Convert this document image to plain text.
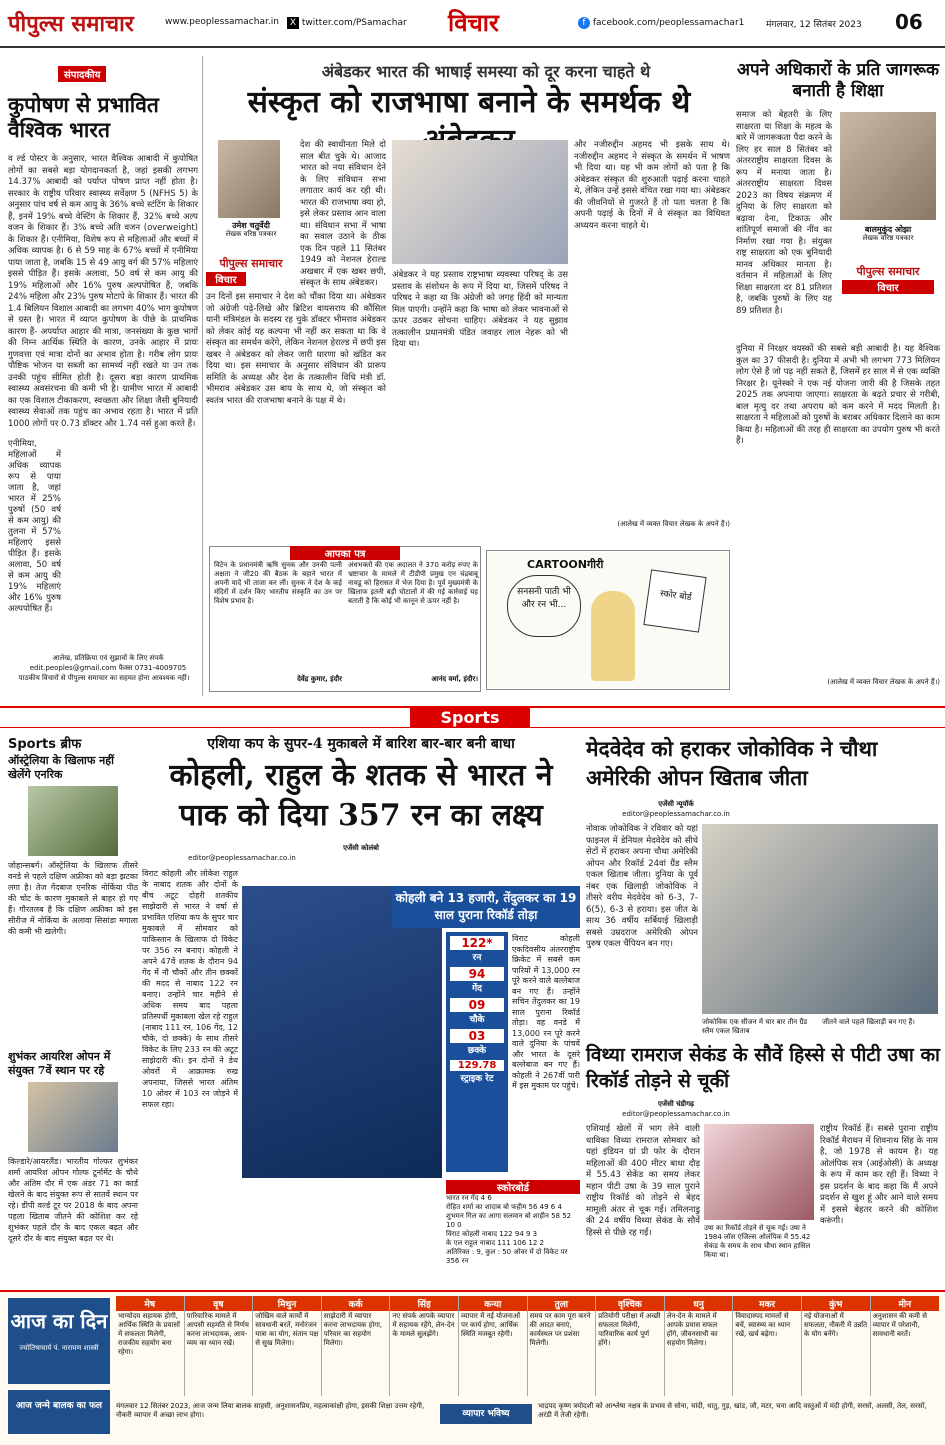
पीपुल्स समाचार	www.peoplessamachar.in	X twitter.com/PSamachar विचार	f facebook.com/peoplessamachar1 मंगलवार, 12 सितंबर 2023 06
संपादकीय
कुपोषण से प्रभावित वैश्विक भारत
व र्ल्ड पोस्टर के अनुसार, भारत वैश्विक आबादी में कुपोषित लोगों का सबसे बड़ा योगदानकर्ता है, जहां इसकी लगभग 14.37% आबादी को पर्याप्त पोषण प्राप्त नहीं होता है। सरकार के राष्ट्रीय परिवार स्वास्थ्य सर्वेक्षण 5 (NFHS 5) के अनुसार पांच वर्ष से कम आयु के 36% बच्चे स्टंटिंग के शिकार हैं, इनमें 19% बच्चे वेस्टिंग के शिकार हैं, 32% बच्चे अल्प वजन के शिकार हैं। 3% बच्चे अति वजन (overweight) के शिकार हैं। एनीमिया, विशेष रूप से महिलाओं और बच्चों में अधिक व्यापक है। 6 से 59 माह के 67% बच्चों में एनीमिया पाया जाता है, जबकि 15 से 49 आयु वर्ग की 57% महिलाएं इससे पीड़ित हैं। इसके अलावा, 50 वर्ष से कम आयु की 19% महिलाओं और 16% पुरुष अल्पपोषित हैं, जबकि 24% महिला और 23% पुरुष मोटापे के शिकार हैं। भारत की 1.4 बिलियन विशाल आबादी का लगभग 40% भाग कुपोषण से ग्रस्त है। भारत में व्याप्त कुपोषण के पीछे के प्राथमिक कारण हैं- अपर्याप्त आहार की मात्रा, जनसंख्या के कुछ भागों की निम्न आर्थिक स्थिति के कारण, उनके आहार में प्रायः गुणवत्ता एवं मात्रा दोनों का अभाव होता है। गरीब लोग प्रायः पौष्टिक भोजन या सब्जी का सामर्थ्य नहीं रखते या उन तक उनकी पहुंच सीमित होती है। दूसरा बड़ा कारण प्राथमिक स्वास्थ्य अवसंरचना की कमी भी है। ग्रामीण भारत में आबादी का एक विशाल टीकाकरण, स्वच्छता और शिक्षा जैसी बुनियादी स्वास्थ्य सेवाओं तक पहुंच का अभाव रहता है। भारत में प्रति 1000 लोगों पर 0.73 डॉक्टर और 1.74 नर्स हुआ करते हैं।
एनीमिया, महिलाओं में अधिक व्यापक रूप से पाया जाता है, जहां भारत में 25% पुरुषों (50 वर्ष से कम आयु) की तुलना में 57% महिलाएं इससे पीड़ित हैं। इसके अलावा, 50 वर्ष से कम आयु की 19% महिलाएं और 16% पुरुष अल्पपोषित हैं।
आलेख, प्रतिक्रिया एवं सुझावों के लिए संपर्क
edit.peoples@gmail.com फैक्स 0731-4009705
पाठकीय विचारों से पीपुल्स समाचार का सहमत होना आवश्यक नहीं।
अंबेडकर भारत की भाषाई समस्या को दूर करना चाहते थे
संस्कृत को राजभाषा बनाने के समर्थक थे
उमेश चतुर्वेदी
लेखक वरिष्ठ पत्रकार
पीपुल्स समाचार
विचार
देश की स्वाधीनता मिले दो साल बीत चुके थे। आजाद भारत को नया संविधान देने के लिए संविधान सभा लगातार कार्य कर रही थी। भारत की राजभाषा क्या हो, इसे लेकर प्रस्ताव आन वाला था। संविधान सभा में भाषा का सवाल उठाने के ठीक एक दिन पहले 11 सितंबर 1949 को नेशनल हेराल्ड अखबार में एक खबर छपी, संस्कृत के साथ अंबेडकर।
उन दिनों इस समाचार ने देश को चौंका दिया था। अंबेडकर जो अंग्रेजी पढ़े-लिखे और ब्रिटिश वायसराय की कौंसिल यानी मंत्रिमंडल के सदस्य रह चुके डॉक्टर भीमराव अंबेडकर को लेकर कोई यह कल्पना भी नहीं कर सकता था कि वे संस्कृत का समर्थन करेंगे, लेकिन नेशनल हेराल्ड में छपी इस खबर ने अंबेडकर को लेकर जारी धारणा को खंडित कर दिया था। इस समाचार के अनुसार संविधान की प्रारूप समिति के अध्यक्ष और देश के तत्कालीन विधि मंत्री डॉ. भीमराव अंबेडकर उस बाय के साथ थे, जो संस्कृत को स्वतंत्र भारत की राजभाषा बनाने के पक्ष में थे।
अंबेडकर ने यह प्रस्ताव राष्ट्रभाषा व्यवस्था परिषद् के उस प्रस्ताव के संशोधन के रूप में दिया था, जिसमें परिषद ने परिषद ने कहा था कि अंग्रेजी को जगह हिंदी को मान्यता मिल पाएगी। उन्होंने कहा कि भाषा को लेकर भावनाओं से ऊपर उठकर सोचना चाहिए। अंबेडकर ने यह सुझाव तत्कालीन प्रधानमंत्री पंडित जवाहर लाल नेहरू को भी दिया था।
और नजीरुद्दीन अहमद भी इसके साथ थे। नजीरुद्दीन अहमद ने संस्कृत के समर्थन में भाषण भी दिया था। यह भी कम लोगों को पता है कि अंबेडकर संस्कृत की शुरुआती पढ़ाई करना चाहते थे, लेकिन उन्हें इससे वंचित रखा गया था। अंबेडकर की जीवनियों से गुजरते हैं तो पता चलता है कि अपनी पढ़ाई के दिनों में वे संस्कृत का विधिवत अध्ययन करना चाहते थे।
(आलेख में व्यक्त विचार लेखक के अपने हैं।)
आपका पत्र
विटेन के प्रधानमंत्री ऋषि सुनक और उनकी पत्नी अक्षता ने जी20 की बैठक के बहाने भारत में अपनी यादें भी ताजा कर लीं। सुनक ने देश के कई मंदिरों में दर्शन किए भारतीय संस्कृति का उन पर विशेष प्रभाव है।
देवेंद्र कुमार, इंदौर
अंधभक्तों की एक अदालत ने 370 करोड़ रुपए के भ्रष्टाचार के मामले में टीडीपी प्रमुख एन चंद्रबाबू नायडू को हिरासत में भेज दिया है। पूर्व मुख्यमंत्री के खिलाफ इतनी बड़ी घोटालों में की गई कार्रवाई यह बताती है कि कोई भी कानून से ऊपर नहीं है।
आनंद वर्मा, इंदौर।
CARTOONगीरी
सनसनी पाती भी और रन भी...
स्कोर बोर्ड
अपने अधिकारों के प्रति जागरूक बनाती है शिक्षा
समाज को बेहतरी के लिए साक्षरता या शिक्षा के महत्व के बारे में जागरूकता पैदा करने के लिए हर साल 8 सितंबर को अंतरराष्ट्रीय साक्षरता दिवस के रूप में मनाया जाता है। अंतरराष्ट्रीय साक्षरता दिवस 2023 का विषय संक्रमण में दुनिया के लिए साक्षरता को बढ़ावा देना, टिकाऊ और शांतिपूर्ण समाजों की नींव का निर्माण रखा गया है। संयुक्त राष्ट्र साक्षरता को एक बुनियादी मानव अधिकार मानता है। वर्तमान में महिलाओं के लिए शिक्षा साक्षरता दर 81 प्रतिशत है, जबकि पुरुषों के लिए यह 89 प्रतिशत है।
बालमुकुंद ओझा
लेखक वरिष्ठ पत्रकार
पीपुल्स समाचार
विचार
दुनिया में निरक्षर वयस्कों की सबसे बड़ी आबादी है। यह वैश्विक कुल का 37 फीसदी है। दुनिया में अभी भी लगभग 773 मिलियन लोग ऐसे हैं जो पढ़ नहीं सकते हैं, जिसमें हर साल में से एक व्यक्ति निरक्षर है। यूनेस्को ने एक नई योजना जारी की है जिसके तहत 2025 तक अपनाया जाएगा। साक्षरता के बढ़ते प्रचार से गरीबी, बाल मृत्यु दर तथा अपराध को कम करने में मदद मिलती है। साक्षरता ने महिलाओं को पुरुषों के बराबर अधिकार दिलाने का काम किया है। महिलाओं की तरह ही साक्षरता का उपयोग पुरुष भी करते हैं।
(आलेख में व्यक्त विचार लेखक के अपने हैं।)
Sports
Sports ब्रीफ
ऑस्ट्रेलिया के खिलाफ नहीं खेलेंगे एनरिक
जोहान्सबर्ग। ऑस्ट्रेलिया के खिलाफ तीसरे वनडे से पहले दक्षिण अफ्रीका को बड़ा झटका लगा है। तेज गेंदबाज एनरिक नोर्किया पीठ की चोट के कारण मुकाबले से बाहर हो गए हैं। गौरतलब है कि दक्षिण अफ्रीका को इस सीरीज में नोर्किया के अलावा सिसांडा मगाला की कमी भी खलेगी।
शुभंकर आयरिश ओपन में संयुक्त 7वें स्थान पर रहे
किल्डारे/आयरलैंड। भारतीय गोल्फर शुभंकर शर्मा आयरिश ओपन गोल्फ टूर्नामेंट के चौथे और अंतिम दौर में एक अंडर 71 का कार्ड खेलने के बाद संयुक्त रूप से सातवें स्थान पर रहे। डीपी वर्ल्ड टूर पर 2018 के बाद अपना पहला खिताब जीतने की कोशिश कर रहे शुभंकर पहले दौर के बाद एकल बढ़त और दूसरे दौर के बाद संयुक्त बढ़त पर थे।
एशिया कप के सुपर-4 मुकाबले में बारिश बार-बार बनी बाधा
कोहली, राहुल के शतक से भारत ने पाक को दिया 357 रन का लक्ष्य
एजेंसी कोलंबो
editor@peoplessamachar.co.in
कोहली बने 13 हजारी, तेंदुलकर का 19 साल पुराना रिकॉर्ड तोड़ा
122*
रन
94
गेंद
09
चौके
03
छक्के
129.78
स्ट्राइक रेट
विराट कोहली और लोकेश राहुल के नाबाद शतक और दोनों के बीच अटूट दोहरी शतकीय साझेदारी से भारत ने वर्षा से प्रभावित एशिया कप के सुपर चार मुकाबले में सोमवार को पाकिस्तान के खिलाफ दो विकेट पर 356 रन बनाए। कोहली ने अपने 47वें शतक के दौरान 94 गेंद में नौ चौकों और तीन छक्कों की मदद से नाबाद 122 रन बनाए। उन्होंने चार महीने से अधिक समय बाद पहला प्रतिस्पर्धी मुकाबला खेल रहे राहुल (नाबाद 111 रन, 106 गेंद, 12 चौके, दो छक्के) के साथ तीसरे विकेट के लिए 233 रन की अटूट साझेदारी की। इन दोनों ने डेथ ओवरों में आक्रामक रुख अपनाया, जिससे भारत अंतिम 10 ओवर में 103 रन जोड़ने में सफल रहा।
विराट कोहली एकदिवसीय अंतरराष्ट्रीय क्रिकेट में सबसे कम पारियों में 13,000 रन पूरे करने वाले बल्लेबाज बन गए हैं। उन्होंने सचिन तेंदुलकर का 19 साल पुराना रिकॉर्ड तोड़ा। वह वनडे में 13,000 रन पूरे करने वाले दुनिया के पांचवें और भारत के दूसरे बल्लेबाज बन गए हैं। कोहली ने 267वीं पारी में इस मुकाम पर पहुंचे।
स्कोरबोर्ड
भारत रन गेंद 4 6
रोहित शर्मा का शादाब बो फहीम 56 49 6 4
शुभमन गिल का आगा सलमान बो शाहीन 58 52 10 0
विराट कोहली नाबाद 122 94 9 3
के एल राहुल नाबाद 111 106 12 2
अतिरिक्त : 9, कुल : 50 ओवर में दो विकेट पर 356 रन
मेदवेदेव को हराकर जोकोविक ने चौथा अमेरिकी ओपन खिताब जीता
एजेंसी न्यूयॉर्क
editor@peoplessamachar.co.in
नोवाक जोकोविक ने रविवार को यहां फाइनल में डेनियल मेदवेदेव को सीधे सेटों में हराकर अपना चौथा अमेरिकी ओपन और रिकॉर्ड 24वां ग्रैंड स्लैम एकल खिताब जीता। दुनिया के पूर्व नंबर एक खिलाड़ी जोकोविक ने तीसरे वरीय मेदवेदेव को 6-3, 7-6(5), 6-3 से हराया। इस जीत के साथ 36 वर्षीय सर्बियाई खिलाड़ी सबसे उम्रदराज अमेरिकी ओपन पुरुष एकल चैंपियन बन गए।
जोकोविक एक सीजन में चार बार तीन ग्रैंड स्लैम एकल खिताब
जीतने वाले पहले खिलाड़ी बन गए हैं।
विथ्या रामराज सेकंड के सौवें हिस्से से पीटी उषा का रिकॉर्ड तोड़ने से चूकीं
एजेंसी चंडीगढ़
editor@peoplessamachar.co.in
एशियाई खेलों में भाग लेने वाली धाविका विथ्या रामराज सोमवार को यहां इंडियन ग्रां प्री फोर के दौरान महिलाओं की 400 मीटर बाधा दौड़ में 55.43 सेकेंड का समय लेकर महान पीटी उषा के 39 साल पुराने राष्ट्रीय रिकॉर्ड को तोड़ने से बेहद मामूली अंतर से चूक गईं। तमिलनाडु की 24 वर्षीय विथ्या सेकंड के सौवें हिस्से से पीछे रह गईं।	उषा का रिकॉर्ड तोड़ने से चूक गईं। उषा ने 1984 लॉस एंजिल्स ओलंपिक में 55.42 सेकंड के समय के साथ चौथा स्थान हासिल किया था।
राष्ट्रीय रिकॉर्ड हैं। सबसे पुराना राष्ट्रीय रिकॉर्ड मैराथन में शिवनाथ सिंह के नाम है, जो 1978 से कायम है। यह ओलंपिक सत्र (आईओसी) के अध्यक्ष के रूप में काम कर रही हैं। विथ्या ने इस प्रदर्शन के बाद कहा कि मैं अपने प्रदर्शन से खुश हूं और आने वाले समय में इससे बेहतर करने की कोशिश करूंगी।
आज का दिन
ज्योतिषाचार्य पं. नारायण शास्त्री
मेष
भाग्योदय सहायक होगी, आर्थिक स्थिति के प्रयासों में सफलता मिलेगी, राजकीय सहयोग बना रहेगा।
वृष
पारिवारिक मामले में आपसी सहमति से निर्णय करना लाभदायक, आय-व्यय का ध्यान रखें।
मिथुन
जोखिम वाले कार्यों में सावधानी बरतें, मनोरंजन यात्रा का योग, संतान पक्ष से सुख मिलेगा।
कर्क
साझेदारी में व्यापार करना लाभदायक होगा, परिवार का सहयोग मिलेगा।
सिंह
नए संपर्क आपके व्यापार में सहायक रहेंगे, लेन-देन के मामले सुलझेंगे।
कन्या
व्यापार में नई योजनाओं पर कार्य होगा, आर्थिक स्थिति मजबूत रहेगी।
तुला
समय पर काम पूरा करने की आदत बनाएं, कार्यस्थल पर प्रशंसा मिलेगी।
वृश्चिक
प्रतियोगी परीक्षा में अच्छी सफलता मिलेगी, पारिवारिक कार्य पूर्ण होंगे।
धनु
लेन-देन के मामले में आपके प्रयास सफल होंगे, जीवनसाथी का सहयोग मिलेगा।
मकर
विवादास्पद मामलों से बचें, स्वास्थ्य का ध्यान रखें, खर्च बढ़ेगा।
कुंभ
नई योजनाओं में सफलता, नौकरी में उन्नति के योग बनेंगे।
मीन
अनुशासन की कमी से व्यापार में परेशानी, सावधानी बरतें।
आज जन्मे बालक का फल	मंगलवार 12 सितंबर 2023, आज जन्म लिया बालक साहसी, अनुशासनप्रिय, महत्वाकांक्षी होगा, इसकी शिक्षा उत्तम रहेगी, नौकरी व्यापार में अच्छा लाभ होगा।	व्यापार भविष्य
भाद्रपद कृष्ण त्रयोदशी को आश्लेषा नक्षत्र के प्रभाव से सोना, चांदी, धातु, गुड़, खांड, जौ, मटर, चना आदि वस्तुओं में मंदी होगी, सरसों, अलसी, तेल, सरसों, अरंडी में तेजी रहेगी।
